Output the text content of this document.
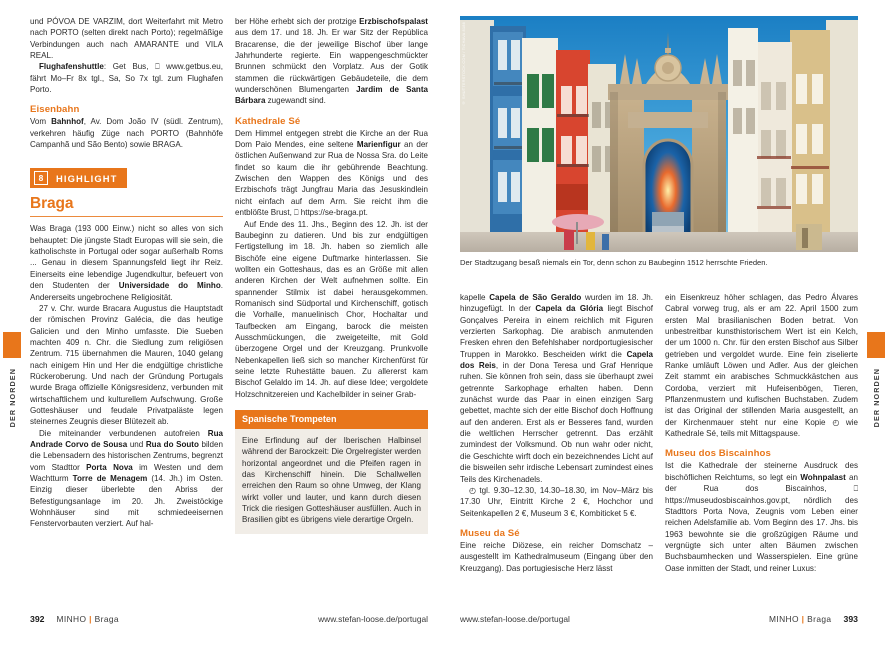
DER NORDEN

und PÓVOA DE VARZIM, dort Weiterfahrt mit Metro nach PORTO (selten direkt nach Porto); regelmäßige Verbindungen auch nach AMARANTE und VILA REAL.

Flughafenshuttle: Get Bus, ⎕ www.getbus.eu, fährt Mo–Fr 8x tgl., Sa, So 7x tgl. zum Flughafen Porto.

Eisenbahn

Vom Bahnhof, Av. Dom João IV (südl. Zentrum), verkehren häufig Züge nach PORTO (Bahnhöfe Campanhã und São Bento) sowie BRAGA.

8	HIGHLIGHT
Braga

Was Braga (193 000 Einw.) nicht so alles von sich behauptet: Die jüngste Stadt Europas will sie sein, die katholischste in Portugal oder sogar außerhalb Roms ... Genau in diesem Spannungsfeld liegt ihr Reiz. Einerseits eine lebendige Jugendkultur, befeuert von den Studenten der Universidade do Minho. Andererseits ungebrochene Religiosität.

27 v. Chr. wurde Bracara Augustus die Hauptstadt der römischen Provinz Galécia, die das heutige Galicien und den Minho umfasste. Die Sueben machten 409 n. Chr. die Siedlung zum religiösen Zentrum. 715 übernahmen die Mauren, 1040 gelang nach einigem Hin und Her die endgültige christliche Rückeroberung. Und nach der Gründung Portugals wurde Braga offizielle Königsresidenz, verbunden mit wirtschaftlichem und kulturellem Aufschwung. Große Gotteshäuser und feudale Privatpaläste legen steinernes Zeugnis dieser Blütezeit ab.

Die miteinander verbundenen autofreien Rua Andrade Corvo de Sousa und Rua do Souto bilden die Lebensadern des historischen Zentrums, begrenzt vom Stadttor Porta Nova im Westen und dem Wachtturm Torre de Menagem (14. Jh.) im Osten. Einzig dieser überlebte den Abriss der Befestigungsanlage im 20. Jh. Zweistöckige Wohnhäuser sind mit schmiedeeisernen Fenstervorbauten verziert. Auf hal-

ber Höhe erhebt sich der protzige Erzbischofspalast aus dem 17. und 18. Jh. Er war Sitz der República Bracarense, die der jeweilige Bischof über lange Jahrhunderte regierte. Ein wappengeschmückter Brunnen schmückt den Vorplatz. Aus der Gotik stammen die rückwärtigen Gebäudeteile, die dem wunderschönen Blumengarten Jardim de Santa Bárbara zugewandt sind.

Kathedrale Sé

Dem Himmel entgegen strebt die Kirche an der Rua Dom Paio Mendes, eine seltene Marienfigur an der östlichen Außenwand zur Rua de Nossa Sra. do Leite findet so kaum die ihr gebührende Beachtung. Zwischen den Wappen des Königs und des Erzbischofs trägt Jungfrau Maria das Jesuskindlein nicht einfach auf dem Arm. Sie reicht ihm die entblößte Brust, ⎕ https://se-braga.pt.

Auf Ende des 11. Jhs., Beginn des 12. Jh. ist der Baubeginn zu datieren. Und bis zur endgültigen Fertigstellung im 18. Jh. haben so ziemlich alle Bischöfe eine eigene Duftmarke hinterlassen. Sie wollten ein Gotteshaus, das es an Größe mit allen anderen Kirchen der Welt aufnehmen sollte. Ein spannender Stilmix ist dabei herausgekommen. Romanisch sind Südportal und Kirchenschiff, gotisch die Vorhalle, manuelinisch Chor, Hochaltar und Taufbecken am Eingang, barock die meisten Ausschmückungen, die zweigeteilte, mit Gold überzogene Orgel und der Kreuzgang. Prunkvolle Nebenkapellen ließ sich so mancher Kirchenfürst für seine letzte Ruhestätte bauen. Zu allererst kam Bischof Gelaldo im 14. Jh. auf diese Idee; vergoldete Holzschnitzereien und Kachelbilder in seiner Grab-

Spanische Trompeten

Eine Erfindung auf der Iberischen Halbinsel während der Barockzeit: Die Orgelregister werden horizontal angeordnet und die Pfeifen ragen in das Kirchenschiff hinein. Die Schallwellen erreichen den Raum so ohne Umweg, der Klang wirkt voller und lauter, und kann durch diesen Trick die riesigen Gotteshäuser ausfüllen. Auch in Brasilien gibt es übrigens viele derartige Orgeln.

392 MINHO | Braga	www.stefan-loose.de/portugal
DER NORDEN
© SHUTTERSTOCK.COM / TICHAVA 8186
Der Stadtzugang besaß niemals ein Tor, denn schon zu Baubeginn 1512 herrschte Frieden.

kapelle Capela de São Geraldo wurden im 18. Jh. hinzugefügt. In der Capela da Glória liegt Bischof Gonçalves Pereira in einem reichlich mit Figuren verzierten Sarkophag. Die arabisch anmutenden Fresken ehren den Befehlshaber nordportugiesischer Truppen in Marokko. Bescheiden wirkt die Capela dos Reis, in der Dona Teresa und Graf Henrique ruhen. Sie können froh sein, dass sie überhaupt zwei getrennte Sarkophage erhalten haben. Denn zunächst wurde das Paar in einen einzigen Sarg gebettet, machte sich der eitle Bischof doch Hoffnung auf den anderen. Erst als er Besseres fand, wurden die weltlichen Herrscher getrennt. Das erzählt zumindest der Volksmund. Ob nun wahr oder nicht, die Geschichte wirft doch ein bezeichnendes Licht auf die bisweilen sehr irdische Lebensart zumindest eines Teils des Kirchenadels.

◴ tgl. 9.30–12.30, 14.30–18.30, im Nov–März bis 17.30 Uhr, Eintritt Kirche 2 €, Hochchor und Seitenkapellen 2 €, Museum 3 €, Kombiticket 5 €.

Museu da Sé

Eine reiche Diözese, ein reicher Domschatz – ausgestellt im Kathedralmuseum (Eingang über den Kreuzgang). Das portugiesische Herz lässt

ein Eisenkreuz höher schlagen, das Pedro Álvares Cabral vorweg trug, als er am 22. April 1500 zum ersten Mal brasilianischen Boden betrat. Von unbestreitbar kunsthistorischem Wert ist ein Kelch, der um 1000 n. Chr. für den ersten Bischof aus Silber getrieben und vergoldet wurde. Eine fein ziselierte Ranke umläuft Löwen und Adler. Aus der gleichen Zeit stammt ein arabisches Schmuckkästchen aus Cordoba, verziert mit Hufeisenbögen, Tieren, Pflanzenmustern und kufischen Buchstaben. Zudem ist das Original der stillenden Maria ausgestellt, an der Kirchenmauer steht nur eine Kopie ◴ wie Kathedrale Sé, teils mit Mittagspause.

Museu dos Biscainhos

Ist die Kathedrale der steinerne Ausdruck des bischöflichen Reichtums, so legt ein Wohnpalast an der Rua dos Biscainhos, ⎕ https://museudosbiscainhos.gov.pt, nördlich des Stadttors Porta Nova, Zeugnis vom Leben einer reichen Adelsfamilie ab. Vom Beginn des 17. Jhs. bis 1963 bewohnte sie die großzügigen Räume und vergnügte sich unter alten Bäumen zwischen Buchsbaumhecken und Wasserspielen. Eine grüne Oase inmitten der Stadt, und reiner Luxus:

www.stefan-loose.de/portugal	MINHO | Braga 393
